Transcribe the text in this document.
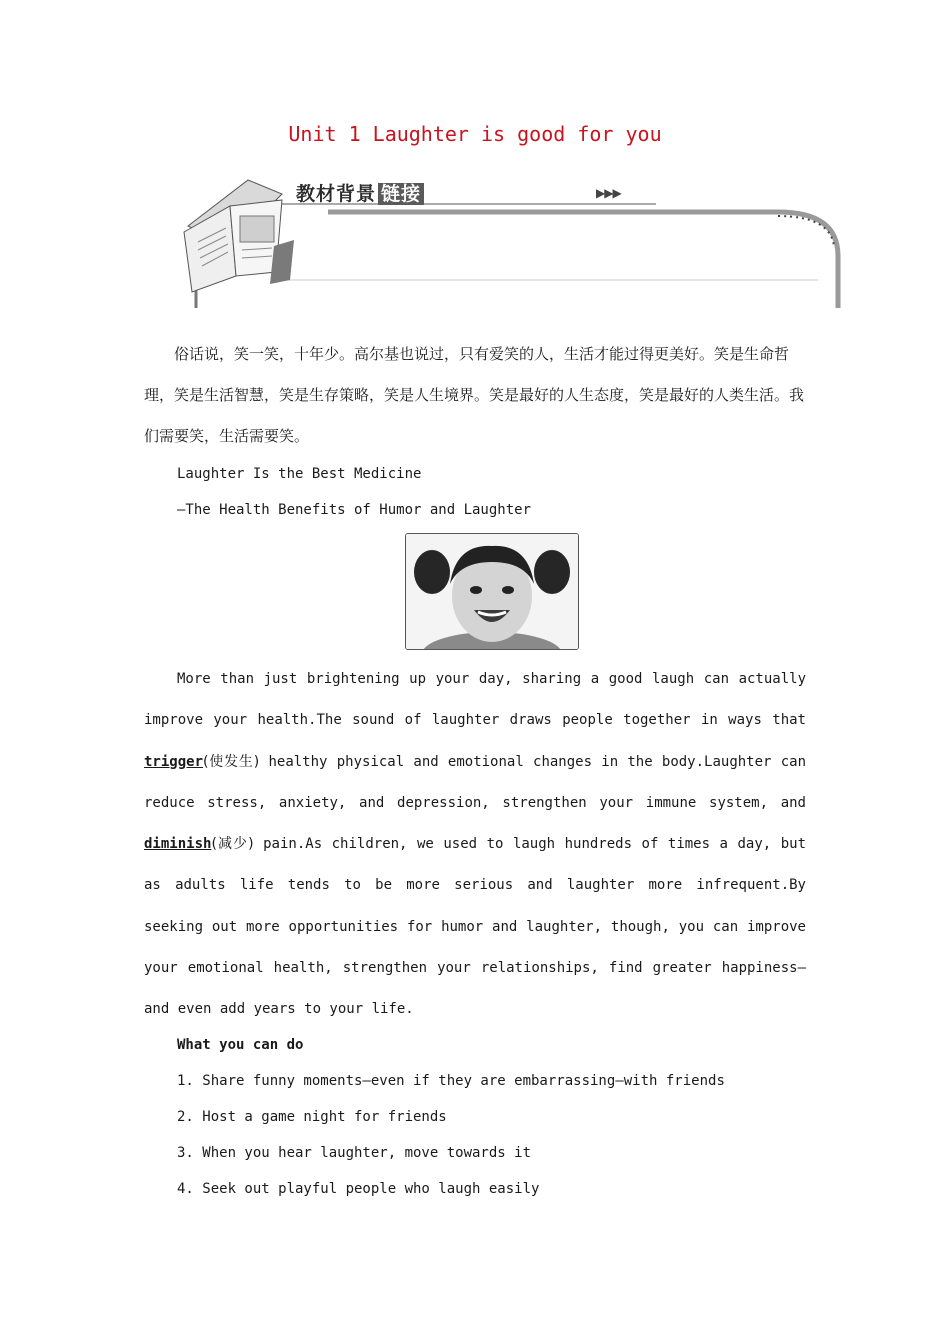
Unit 1 Laughter is good for you
教材背景 链接	▶▶▶

俗话说，笑一笑，十年少。高尔基也说过，只有爱笑的人，生活才能过得更美好。笑是生命哲理，笑是生活智慧，笑是生存策略，笑是人生境界。笑是最好的人生态度，笑是最好的人类生活。我们需要笑，生活需要笑。

Laughter Is the Best Medicine

—The Health Benefits of Humor and Laughter

More than just brightening up your day, sharing a good laugh can actually improve your health.The sound of laughter draws people together in ways that trigger(使发生) healthy physical and emotional changes in the body.Laughter can reduce stress, anxiety, and depression, strengthen your immune system, and diminish(减少) pain.As children, we used to laugh hundreds of times a day, but as adults life tends to be more serious and laughter more infrequent.By seeking out more opportunities for humor and laughter, though, you can improve your emotional health, strengthen your relationships, find greater happiness—and even add years to your life.

What you can do

1. Share funny moments—even if they are embarrassing—with friends

2. Host a game night for friends

3. When you hear laughter, move towards it

4. Seek out playful people who laugh easily
